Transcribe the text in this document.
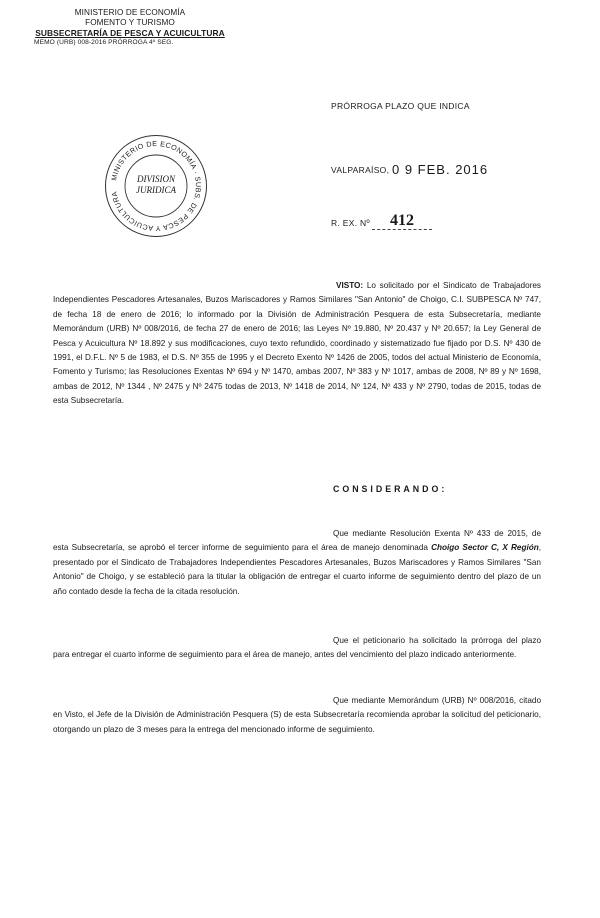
MINISTERIO DE ECONOMÍA
FOMENTO Y TURISMO
SUBSECRETARÍA DE PESCA Y ACUICULTURA
MEMO (URB) 008-2016 PRÓRROGA 4º SEG.
PRÓRROGA PLAZO QUE INDICA
MINISTERIO DE ECONOMÍA · SUBS. DE PESCA Y ACUICULTURA
DIVISION
JURIDICA
VALPARAÍSO, 0 9 FEB. 2016
R. EX. Nº	412
VISTO: Lo solicitado por el Sindicato de Trabajadores Independientes Pescadores Artesanales, Buzos Mariscadores y Ramos Similares "San Antonio" de Choigo, C.I. SUBPESCA Nº 747, de fecha 18 de enero de 2016; lo informado por la División de Administración Pesquera de esta Subsecretaría, mediante Memorándum (URB) Nº 008/2016, de fecha 27 de enero de 2016; las Leyes Nº 19.880, Nº 20.437 y Nº 20.657; la Ley General de Pesca y Acuicultura Nº 18.892 y sus modificaciones, cuyo texto refundido, coordinado y sistematizado fue fijado por D.S. Nº 430 de 1991, el D.F.L. Nº 5 de 1983, el D.S. Nº 355 de 1995 y el Decreto Exento Nº 1426 de 2005, todos del actual Ministerio de Economía, Fomento y Turismo; las Resoluciones Exentas Nº 694 y Nº 1470, ambas 2007, Nº 383 y Nº 1017, ambas de 2008, Nº 89 y Nº 1698, ambas de 2012, Nº 1344 , Nº 2475 y Nº 2475 todas de 2013, Nº 1418 de 2014, Nº 124, Nº 433 y Nº 2790, todas de 2015, todas de esta Subsecretaría.
CONSIDERANDO:
Que mediante Resolución Exenta Nº 433 de 2015, de esta Subsecretaría, se aprobó el tercer informe de seguimiento para el área de manejo denominada Choigo Sector C, X Región, presentado por el Sindicato de Trabajadores Independientes Pescadores Artesanales, Buzos Mariscadores y Ramos Similares "San Antonio" de Choigo, y se estableció para la titular la obligación de entregar el cuarto informe de seguimiento dentro del plazo de un año contado desde la fecha de la citada resolución.
Que el peticionario ha solicitado la prórroga del plazo para entregar el cuarto informe de seguimiento para el área de manejo, antes del vencimiento del plazo indicado anteriormente.
Que mediante Memorándum (URB) Nº 008/2016, citado en Visto, el Jefe de la División de Administración Pesquera (S) de esta Subsecretaría recomienda aprobar la solicitud del peticionario, otorgando un plazo de 3 meses para la entrega del mencionado informe de seguimiento.
